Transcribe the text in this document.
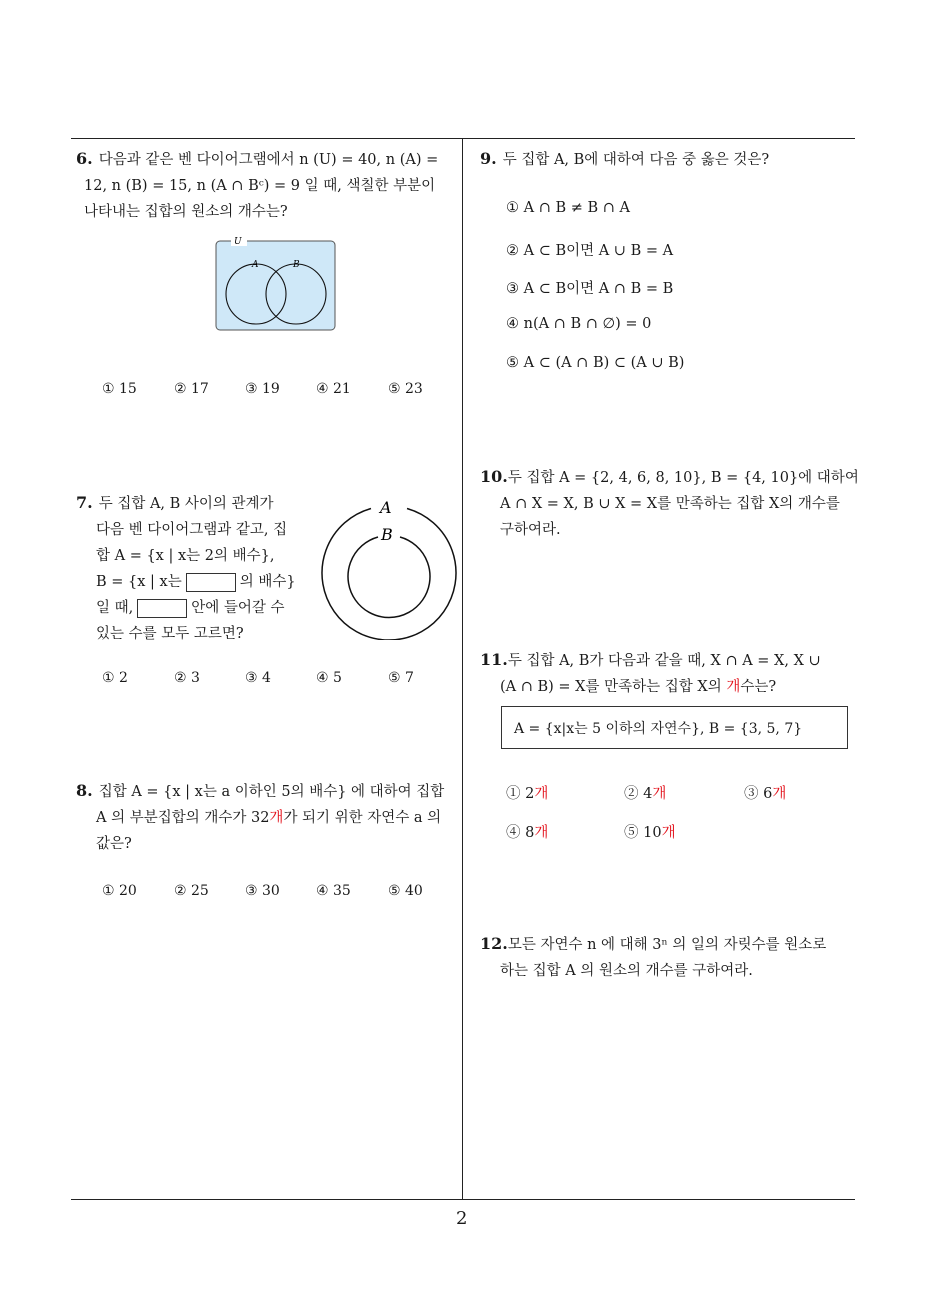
6. 다음과 같은 벤 다이어그램에서 n (U) = 40, n (A) =
12, n (B) = 15, n (A ∩ Bᶜ) = 9 일 때, 색칠한 부분이
나타내는 집합의 원소의 개수는?
U
A	B
① 15	② 17	③ 19	④ 21	⑤ 23
7. 두 집합 A, B 사이의 관계가
다음 벤 다이어그램과 같고, 집
합 A = {x | x는 2의 배수},
B = {x | x는	의 배수}
일 때,	안에 들어갈 수
있는 수를 모두 고르면?
A
B
① 2	② 3	③ 4	④ 5	⑤ 7
8. 집합 A = {x | x는 a 이하인 5의 배수} 에 대하여 집합
A 의 부분집합의 개수가 32개가 되기 위한 자연수 a 의
값은?
① 20	② 25	③ 30	④ 35	⑤ 40
9. 두 집합 A, B에 대하여 다음 중 옳은 것은?
① A ∩ B ≠ B ∩ A
② A ⊂ B이면 A ∪ B = A
③ A ⊂ B이면 A ∩ B = B
④ n(A ∩ B ∩ ∅) = 0
⑤ A ⊂ (A ∩ B) ⊂ (A ∪ B)
10.두 집합 A = {2, 4, 6, 8, 10}, B = {4, 10}에 대하여
A ∩ X = X, B ∪ X = X를 만족하는 집합 X의 개수를
구하여라.
11.두 집합 A, B가 다음과 같을 때, X ∩ A = X, X ∪
(A ∩ B) = X를 만족하는 집합 X의 개수는?
A = {x|x는 5 이하의 자연수}, B = {3, 5, 7}
① 2개	② 4개	③ 6개
④ 8개	⑤ 10개
12.모든 자연수 n 에 대해 3ⁿ 의 일의 자릿수를 원소로
하는 집합 A 의 원소의 개수를 구하여라.
2
